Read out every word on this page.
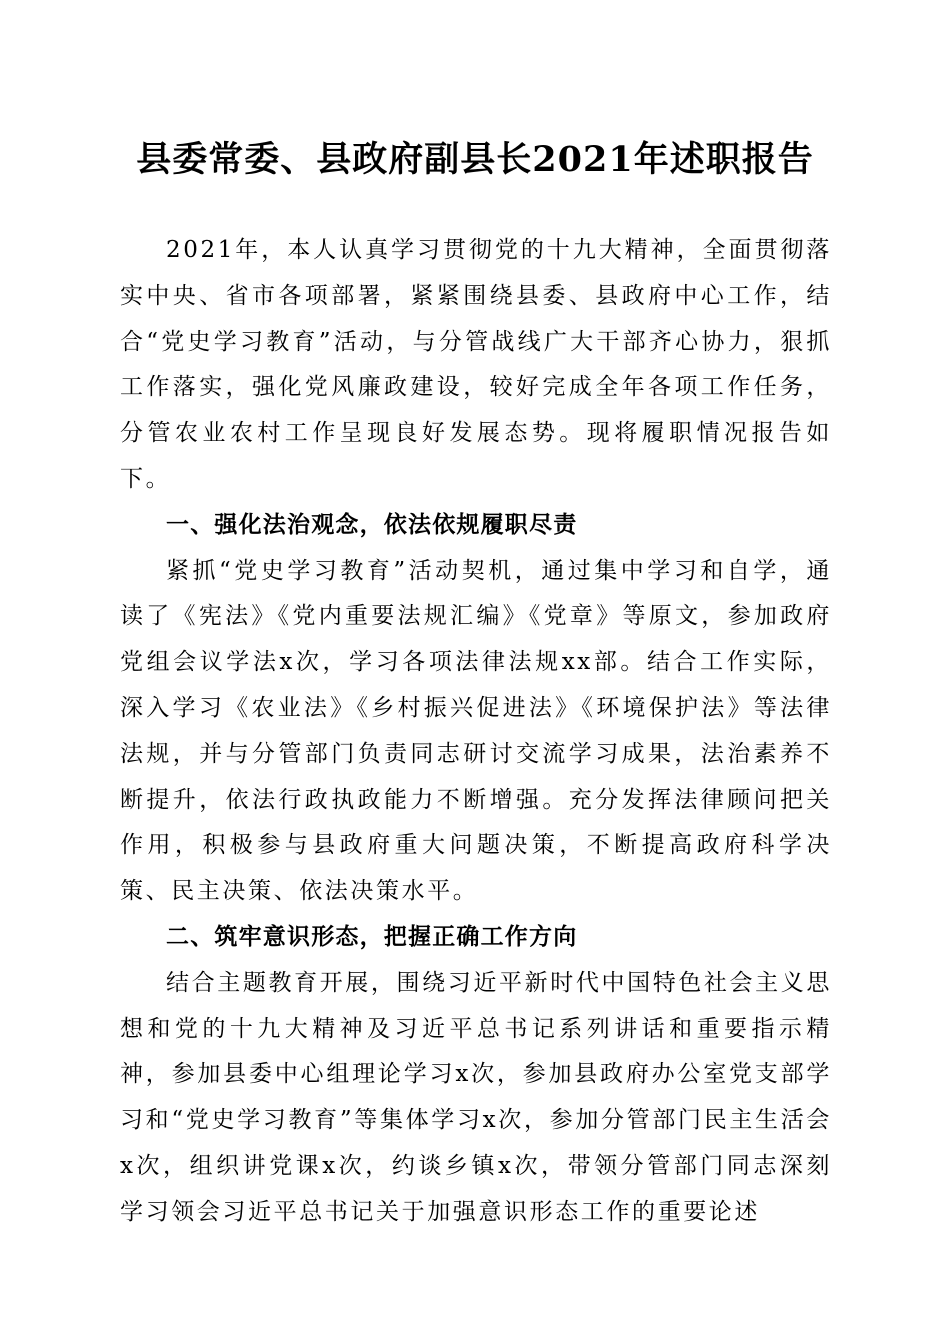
县委常委、县政府副县长2021年述职报告

2021年，本人认真学习贯彻党的十九大精神，全面贯彻落实中央、省市各项部署，紧紧围绕县委、县政府中心工作，结合“党史学习教育”活动，与分管战线广大干部齐心协力，狠抓工作落实，强化党风廉政建设，较好完成全年各项工作任务，分管农业农村工作呈现良好发展态势。现将履职情况报告如下。

一、强化法治观念，依法依规履职尽责

紧抓“党史学习教育”活动契机，通过集中学习和自学，通读了《宪法》《党内重要法规汇编》《党章》等原文，参加政府党组会议学法x次，学习各项法律法规xx部。结合工作实际，深入学习《农业法》《乡村振兴促进法》《环境保护法》等法律法规，并与分管部门负责同志研讨交流学习成果，法治素养不断提升，依法行政执政能力不断增强。充分发挥法律顾问把关作用，积极参与县政府重大问题决策，不断提高政府科学决策、民主决策、依法决策水平。

二、筑牢意识形态，把握正确工作方向

结合主题教育开展，围绕习近平新时代中国特色社会主义思想和党的十九大精神及习近平总书记系列讲话和重要指示精神，参加县委中心组理论学习x次，参加县政府办公室党支部学习和“党史学习教育”等集体学习x次，参加分管部门民主生活会x次，组织讲党课x次，约谈乡镇x次，带领分管部门同志深刻学习领会习近平总书记关于加强意识形态工作的重要论述
